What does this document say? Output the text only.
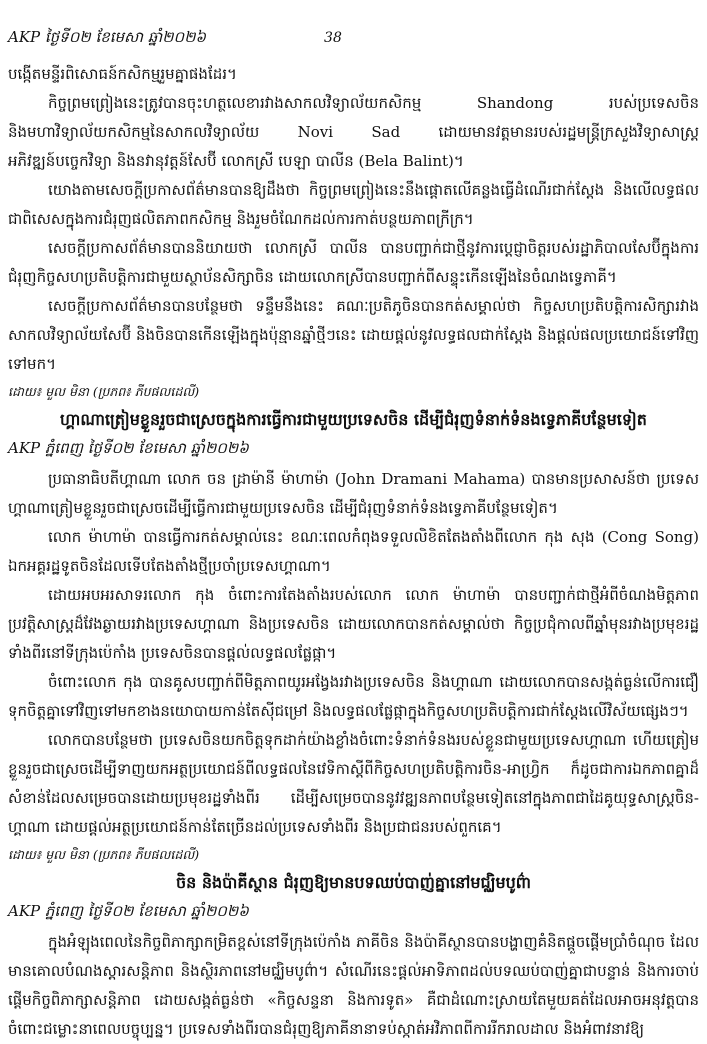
AKP ថ្ងៃទី០២ ខែមេសា ឆ្នាំ២០២៦	38

បង្កើតមន្ទីរពិសោធន៍កសិកម្មរួមគ្នាផងដែរ។

កិច្ចព្រមព្រៀងនេះត្រូវបានចុះហត្ថលេខារវាងសាកលវិទ្យាល័យកសិកម្ម Shandong របស់ប្រទេសចិន និងមហាវិទ្យាល័យកសិកម្មនៃសាកលវិទ្យាល័យ Novi Sad ដោយមានវត្តមានរបស់រដ្ឋមន្ត្រីក្រសួងវិទ្យាសាស្ត្រ អភិវឌ្ឍន៍បច្ចេកវិទ្យា និងនវានុវត្តន៍សែប៊ី លោកស្រី បេឡា បាលីន (Bela Balint)។

យោងតាមសេចក្ដីប្រកាសព័ត៌មានបានឱ្យដឹងថា កិច្ចព្រមព្រៀងនេះនឹងផ្ដោតលើគន្លងធ្វើដំណើរជាក់ស្ដែង និងលើលទ្ធផល ជាពិសេសក្នុងការជំរុញផលិតភាពកសិកម្ម និងរួមចំណែកដល់ការកាត់បន្ថយភាពក្រីក្រ។

សេចក្ដីប្រកាសព័ត៌មានបាននិយាយថា លោកស្រី បាលីន បានបញ្ជាក់ជាថ្មីនូវការប្ដេជ្ញាចិត្តរបស់រដ្ឋាភិបាលសែប៊ីក្នុងការជំរុញកិច្ចសហប្រតិបត្តិការជាមួយស្ថាប័នសិក្សាចិន ដោយលោកស្រីបានបញ្ជាក់ពីសន្ទុះកើនឡើងនៃចំណងទ្វេភាគី។

សេចក្ដីប្រកាសព័ត៌មានបានបន្ថែមថា ទន្ទឹមនឹងនេះ គណៈប្រតិភូចិនបានកត់សម្គាល់ថា កិច្ចសហប្រតិបត្តិការសិក្សារវាងសាកលវិទ្យាល័យសែប៊ី និងចិនបានកើនឡើងក្នុងប៉ុន្មានឆ្នាំថ្មីៗនេះ ដោយផ្ដល់នូវលទ្ធផលជាក់ស្ដែង និងផ្ដល់ផលប្រយោជន៍ទៅវិញទៅមក។

ដោយ៖ មួល មិនា (ប្រភព៖ ភីបផលដេលី)

ហ្គាណាត្រៀមខ្លួនរួចជាស្រេចក្នុងការធ្វើការជាមួយប្រទេសចិន ដើម្បីជំរុញទំនាក់ទំនងទ្វេភាគីបន្ថែមទៀត

AKP ភ្នំពេញ ថ្ងៃទី០២ ខែមេសា ឆ្នាំ២០២៦

ប្រធានាធិបតីហ្គាណា លោក ចន ដ្រាម៉ានី ម៉ាហាម៉ា (John Dramani Mahama) បានមានប្រសាសន៍ថា ប្រទេសហ្គាណាត្រៀមខ្លួនរួចជាស្រេចដើម្បីធ្វើការជាមួយប្រទេសចិន ដើម្បីជំរុញទំនាក់ទំនងទ្វេភាគីបន្ថែមទៀត។

លោក ម៉ាហាម៉ា បានធ្វើការកត់សម្គាល់នេះ ខណៈពេលកំពុងទទួលលិខិតតែងតាំងពីលោក កុង សុង (Cong Song) ឯកអគ្គរដ្ឋទូតចិនដែលទើបតែងតាំងថ្មីប្រចាំប្រទេសហ្គាណា។

ដោយអបអរសាទរលោក កុង ចំពោះការតែងតាំងរបស់លោក លោក ម៉ាហាម៉ា បានបញ្ជាក់ជាថ្មីអំពីចំណងមិត្តភាពប្រវត្តិសាស្ត្រដ៏វែងឆ្ងាយរវាងប្រទេសហ្គាណា និងប្រទេសចិន ដោយលោកបានកត់សម្គាល់ថា កិច្ចប្រជុំកាលពីឆ្នាំមុនរវាងប្រមុខរដ្ឋទាំងពីរនៅទីក្រុងប៉េកាំង ប្រទេសចិនបានផ្ដល់លទ្ធផលផ្លែផ្កា។

ចំពោះលោក កុង បានគូសបញ្ជាក់ពីមិត្តភាពយូរអង្វែងរវាងប្រទេសចិន និងហ្គាណា ដោយលោកបានសង្កត់ធ្ងន់លើការជឿទុកចិត្តគ្នាទៅវិញទៅមកខាងនយោបាយកាន់តែស៊ីជម្រៅ និងលទ្ធផលផ្លែផ្កាក្នុងកិច្ចសហប្រតិបត្តិការជាក់ស្ដែងលើវិស័យផ្សេងៗ។

លោកបានបន្ថែមថា ប្រទេសចិនយកចិត្តទុកដាក់យ៉ាងខ្លាំងចំពោះទំនាក់ទំនងរបស់ខ្លួនជាមួយប្រទេសហ្គាណា ហើយត្រៀមខ្លួនរួចជាស្រេចដើម្បីទាញយកអត្ថប្រយោជន៍ពីលទ្ធផលនៃវេទិកាស្ដីពីកិច្ចសហប្រតិបត្តិការចិន-អាហ្វ្រិក ក៏ដូចជាការឯកភាពគ្នាដ៏សំខាន់ដែលសម្រេចបានដោយប្រមុខរដ្ឋទាំងពីរ ដើម្បីសម្រេចបាននូវវឌ្ឍនភាពបន្ថែមទៀតនៅក្នុងភាពជាដៃគូយុទ្ធសាស្ត្រចិន-ហ្គាណា ដោយផ្ដល់អត្ថប្រយោជន៍កាន់តែច្រើនដល់ប្រទេសទាំងពីរ និងប្រជាជនរបស់ពួកគេ។

ដោយ៖ មួល មិនា (ប្រភព៖ ភីបផលដេលី)

ចិន និងប៉ាគីស្ថាន ជំរុញឱ្យមានបទឈប់បាញ់គ្នានៅមជ្ឈិមបូព៌ា

AKP ភ្នំពេញ ថ្ងៃទី០២ ខែមេសា ឆ្នាំ២០២៦

ក្នុងអំឡុងពេលនៃកិច្ចពិភាក្សាកម្រិតខ្ពស់នៅទីក្រុងប៉េកាំង ភាគីចិន និងប៉ាគីស្ថានបានបង្ហាញគំនិតផ្ដួចផ្ដើមប្រាំចំណុច ដែលមានគោលបំណងស្ដារសន្តិភាព និងស្ថិរភាពនៅមជ្ឈិមបូព៌ា។ សំណើរនេះផ្ដល់អាទិភាពដល់បទឈប់បាញ់គ្នាជាបន្ទាន់ និងការចាប់ផ្ដើមកិច្ចពិភាក្សាសន្តិភាព ដោយសង្កត់ធ្ងន់ថា «កិច្ចសន្ទនា និងការទូត» គឺជាដំណោះស្រាយតែមួយគត់ដែលអាចអនុវត្តបានចំពោះជម្លោះនាពេលបច្ចុប្បន្ន។ ប្រទេសទាំងពីរបានជំរុញឱ្យភាគីនានាទប់ស្កាត់អវិភាពពីការរីករាលដាល និងអំពាវនាវឱ្យ
